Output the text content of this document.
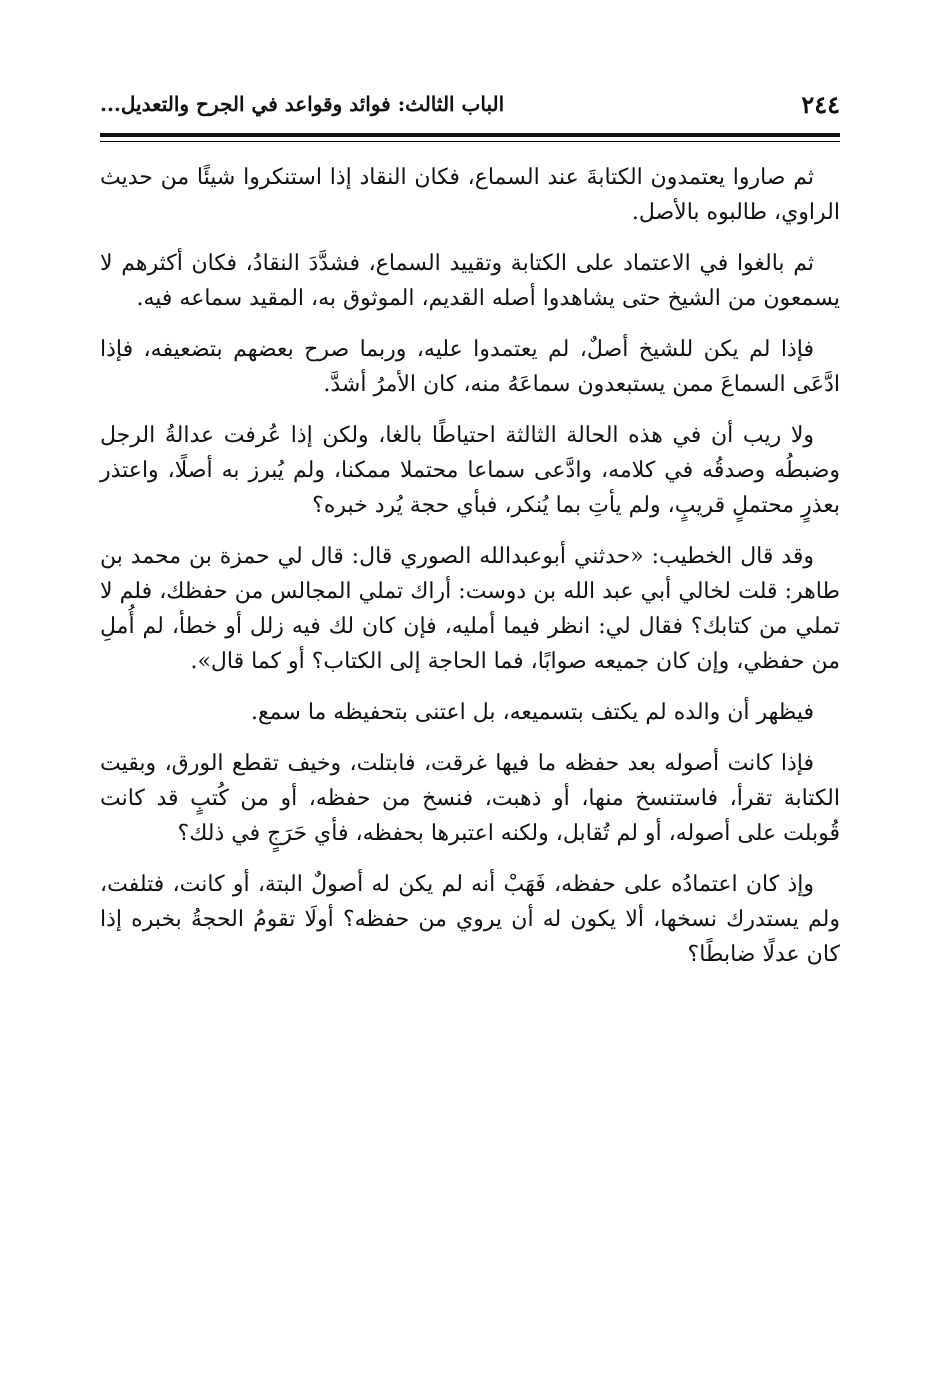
٢٤٤
الباب الثالث: فوائد وقواعد في الجرح والتعديل...

ثم صاروا يعتمدون الكتابةَ عند السماع، فكان النقاد إذا استنكروا شيئًا من حديث الراوي، طالبوه بالأصل.

ثم بالغوا في الاعتماد على الكتابة وتقييد السماع، فشدَّدَ النقادُ، فكان أكثرهم لا يسمعون من الشيخ حتى يشاهدوا أصله القديم، الموثوق به، المقيد سماعه فيه.

فإذا لم يكن للشيخ أصلٌ، لم يعتمدوا عليه، وربما صرح بعضهم بتضعيفه، فإذا ادَّعَى السماعَ ممن يستبعدون سماعَهُ منه، كان الأمرُ أشدَّ.

ولا ريب أن في هذه الحالة الثالثة احتياطًا بالغا، ولكن إذا عُرفت عدالةُ الرجل وضبطُه وصدقُه في كلامه، وادَّعى سماعا محتملا ممكنا، ولم يُبرز به أصلًا، واعتذر بعذرٍ محتملٍ قريبٍ، ولم يأتِ بما يُنكر، فبأي حجة يُرد خبره؟

وقد قال الخطيب: «حدثني أبوعبدالله الصوري قال: قال لي حمزة بن محمد بن طاهر: قلت لخالي أبي عبد الله بن دوست: أراك تملي المجالس من حفظك، فلم لا تملي من كتابك؟ فقال لي: انظر فيما أمليه، فإن كان لك فيه زلل أو خطأ، لم أُملِ من حفظي، وإن كان جميعه صوابًا، فما الحاجة إلى الكتاب؟ أو كما قال».

فيظهر أن والده لم يكتف بتسميعه، بل اعتنى بتحفيظه ما سمع.

فإذا كانت أصوله بعد حفظه ما فيها غرقت، فابتلت، وخيف تقطع الورق، وبقيت الكتابة تقرأ، فاستنسخ منها، أو ذهبت، فنسخ من حفظه، أو من كُتبٍ قد كانت قُوبلت على أصوله، أو لم تُقابل، ولكنه اعتبرها بحفظه، فأي حَرَجٍ في ذلك؟

وإذ كان اعتمادُه على حفظه، فَهَبْ أنه لم يكن له أصولٌ البتة، أو كانت، فتلفت، ولم يستدرك نسخها، ألا يكون له أن يروي من حفظه؟ أولَا تقومُ الحجةُ بخبره إذا كان عدلًا ضابطًا؟
